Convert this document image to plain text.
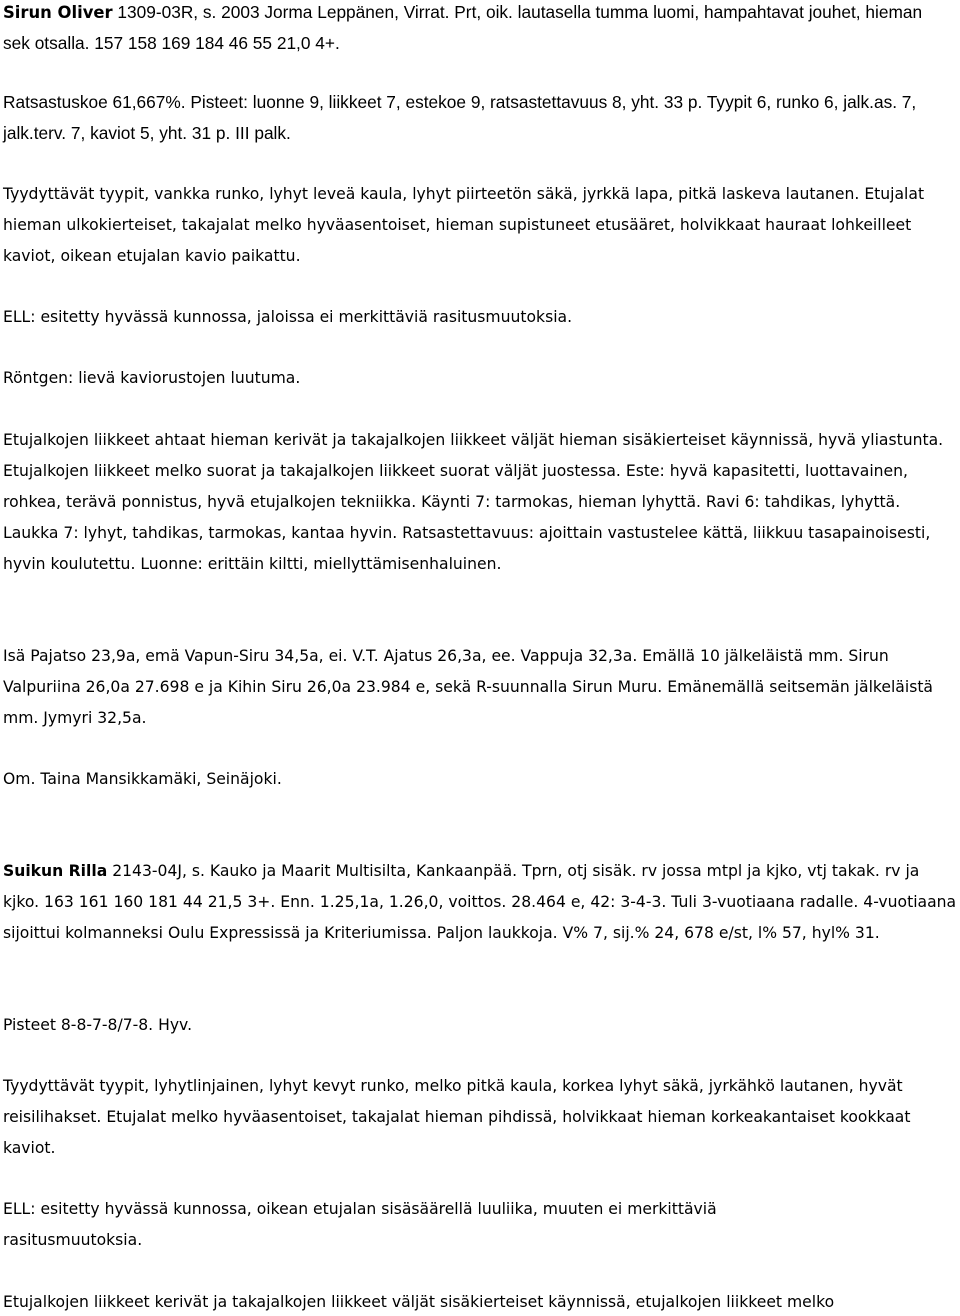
Sirun Oliver 1309-03R, s. 2003 Jorma Leppänen, Virrat. Prt, oik. lautasella tumma luomi, hampahtavat jouhet, hieman sek otsalla. 157 158 169 184 46 55 21,0 4+.

Ratsastuskoe 61,667%. Pisteet: luonne 9, liikkeet 7, estekoe 9, ratsastettavuus 8, yht. 33 p. Tyypit 6, runko 6, jalk.as. 7, jalk.terv. 7, kaviot 5, yht. 31 p. III palk.

Tyydyttävät tyypit, vankka runko, lyhyt leveä kaula, lyhyt piirteetön säkä, jyrkkä lapa, pitkä laskeva lautanen. Etujalat hieman ulkokierteiset, takajalat melko hyväasentoiset, hieman supistuneet etusääret, holvikkaat hauraat lohkeilleet kaviot, oikean etujalan kavio paikattu.

ELL: esitetty hyvässä kunnossa, jaloissa ei merkittäviä rasitusmuutoksia.

Röntgen: lievä kaviorustojen luutuma.

Etujalkojen liikkeet ahtaat hieman kerivät ja takajalkojen liikkeet väljät hieman sisäkierteiset käynnissä, hyvä yliastunta. Etujalkojen liikkeet melko suorat ja takajalkojen liikkeet suorat väljät juostessa. Este: hyvä kapasitetti, luottavainen, rohkea, terävä ponnistus, hyvä etujalkojen tekniikka. Käynti 7: tarmokas, hieman lyhyttä. Ravi 6: tahdikas, lyhyttä. Laukka 7: lyhyt, tahdikas, tarmokas, kantaa hyvin. Ratsastettavuus: ajoittain vastustelee kättä, liikkuu tasapainoisesti, hyvin koulutettu. Luonne: erittäin kiltti, miellyttämisenhaluinen.

Isä Pajatso 23,9a, emä Vapun-Siru 34,5a, ei. V.T. Ajatus 26,3a, ee. Vappuja 32,3a. Emällä 10 jälkeläistä mm. Sirun Valpuriina 26,0a 27.698 e ja Kihin Siru 26,0a 23.984 e, sekä R-suunnalla Sirun Muru. Emänemällä seitsemän jälkeläistä mm. Jymyri 32,5a.

Om. Taina Mansikkamäki, Seinäjoki.

Suikun Rilla 2143-04J, s. Kauko ja Maarit Multisilta, Kankaanpää. Tprn, otj sisäk. rv jossa mtpl ja kjko, vtj takak. rv ja kjko. 163 161 160 181 44 21,5 3+. Enn. 1.25,1a, 1.26,0, voittos. 28.464 e, 42: 3-4-3. Tuli 3-vuotiaana radalle. 4-vuotiaana sijoittui kolmanneksi Oulu Expressissä ja Kriteriumissa. Paljon laukkoja. V% 7, sij.% 24, 678 e/st, l% 57, hyl% 31.

Pisteet 8-8-7-8/7-8. Hyv.

Tyydyttävät tyypit, lyhytlinjainen, lyhyt kevyt runko, melko pitkä kaula, korkea lyhyt säkä, jyrkähkö lautanen, hyvät reisilihakset. Etujalat melko hyväasentoiset, takajalat hieman pihdissä, holvikkaat hieman korkeakantaiset kookkaat kaviot.

ELL: esitetty hyvässä kunnossa, oikean etujalan sisäsäärellä luuliika, muuten ei merkittäviä rasitusmuutoksia.

Etujalkojen liikkeet kerivät ja takajalkojen liikkeet väljät sisäkierteiset käynnissä, etujalkojen liikkeet melko
